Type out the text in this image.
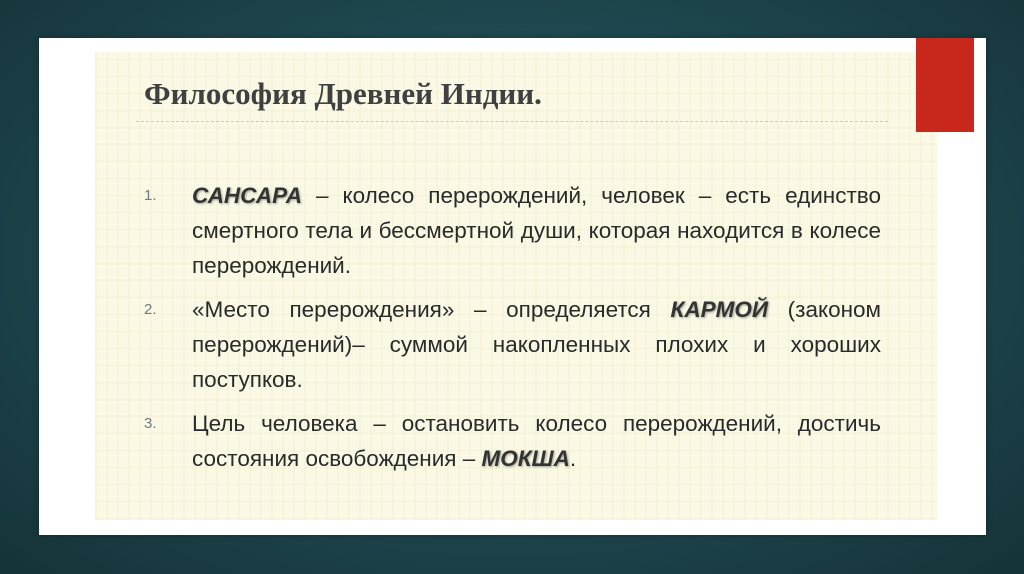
Философия Древней Индии.
1.	САНСАРА – колесо перерождений, человек – есть единство смертного тела и бессмертной души, которая находится в колесе перерождений.
2.	«Место перерождения» – определяется КАРМОЙ (законом перерождений)– суммой накопленных плохих и хороших поступков.
3.	Цель человека – остановить колесо перерождений, достичь состояния освобождения – МОКША.
